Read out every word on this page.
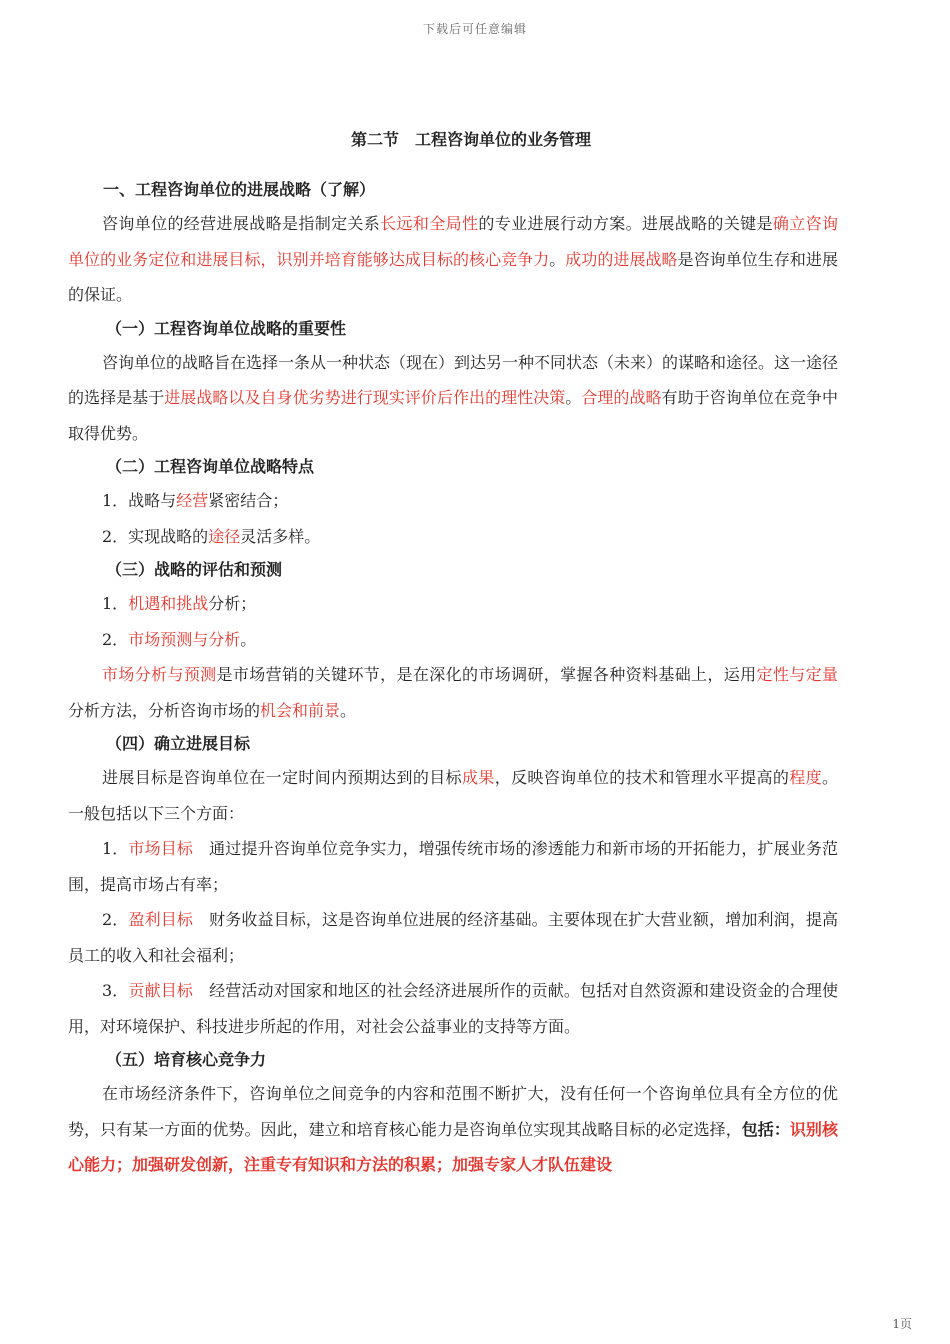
下载后可任意编辑
第二节　工程咨询单位的业务管理
一、工程咨询单位的进展战略（了解）

咨询单位的经营进展战略是指制定关系长远和全局性的专业进展行动方案。进展战略的关键是确立咨询单位的业务定位和进展目标，识别并培育能够达成目标的核心竞争力。成功的进展战略是咨询单位生存和进展的保证。

（一）工程咨询单位战略的重要性

咨询单位的战略旨在选择一条从一种状态（现在）到达另一种不同状态（未来）的谋略和途径。这一途径的选择是基于进展战略以及自身优劣势进行现实评价后作出的理性决策。合理的战略有助于咨询单位在竞争中取得优势。

（二）工程咨询单位战略特点

1．战略与经营紧密结合；

2．实现战略的途径灵活多样。

（三）战略的评估和预测

1．机遇和挑战分析；

2．市场预测与分析。

市场分析与预测是市场营销的关键环节，是在深化的市场调研，掌握各种资料基础上，运用定性与定量分析方法，分析咨询市场的机会和前景。

（四）确立进展目标

进展目标是咨询单位在一定时间内预期达到的目标成果，反映咨询单位的技术和管理水平提高的程度。一般包括以下三个方面：

1．市场目标　通过提升咨询单位竞争实力，增强传统市场的渗透能力和新市场的开拓能力，扩展业务范围，提高市场占有率；

2．盈利目标　财务收益目标，这是咨询单位进展的经济基础。主要体现在扩大营业额，增加利润，提高员工的收入和社会福利；

3．贡献目标　经营活动对国家和地区的社会经济进展所作的贡献。包括对自然资源和建设资金的合理使用，对环境保护、科技进步所起的作用，对社会公益事业的支持等方面。

（五）培育核心竞争力

在市场经济条件下，咨询单位之间竞争的内容和范围不断扩大，没有任何一个咨询单位具有全方位的优势，只有某一方面的优势。因此，建立和培育核心能力是咨询单位实现其战略目标的必定选择，包括：识别核心能力；加强研发创新，注重专有知识和方法的积累；加强专家人才队伍建设

1页
